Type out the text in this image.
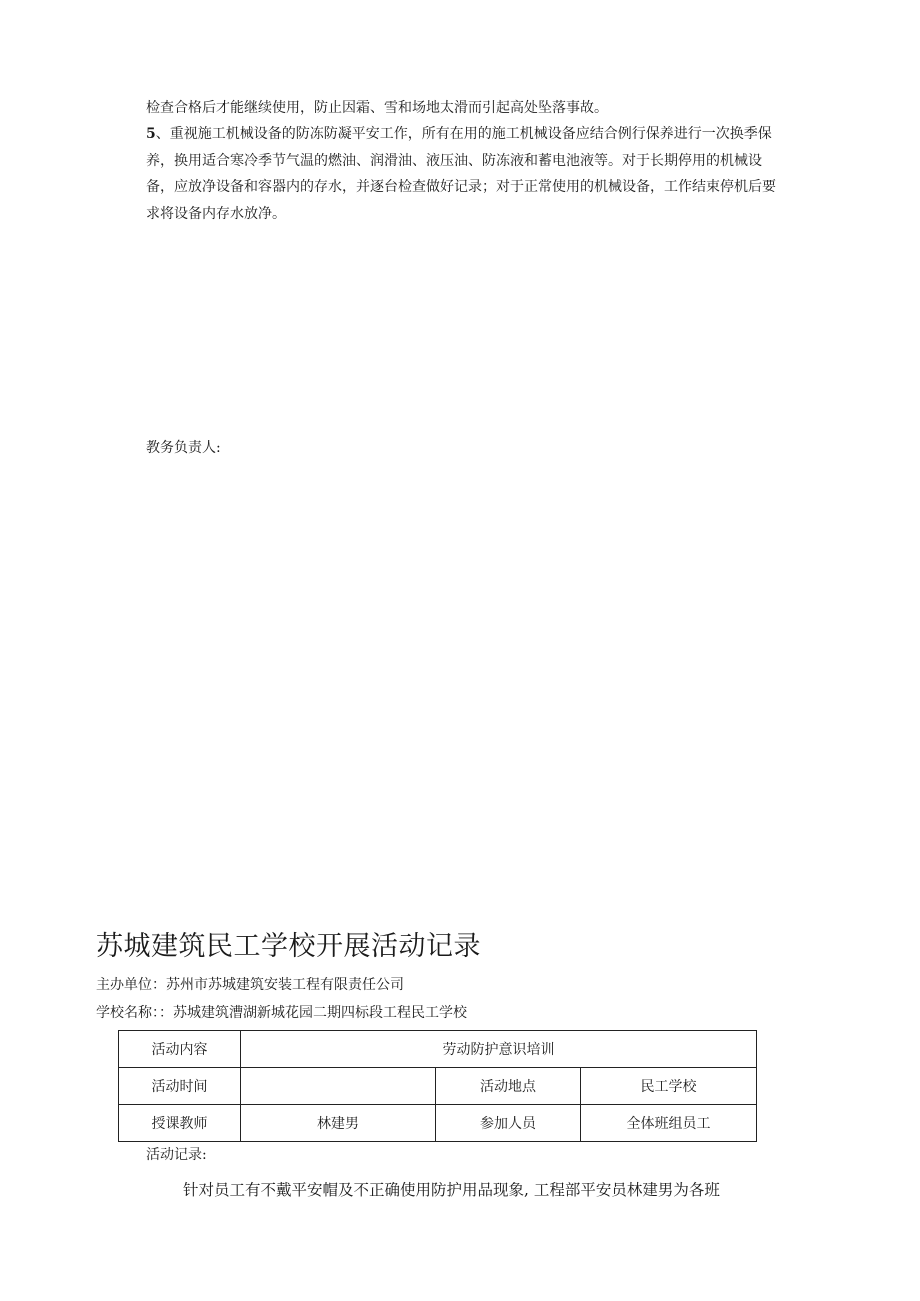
检查合格后才能继续使用，防止因霜、雪和场地太滑而引起高处坠落事故。

5、重视施工机械设备的防冻防凝平安工作，所有在用的施工机械设备应结合例行保养进行一次换季保养，换用适合寒冷季节气温的燃油、润滑油、液压油、防冻液和蓄电池液等。对于长期停用的机械设备，应放净设备和容器内的存水，并逐台检查做好记录；对于正常使用的机械设备，工作结束停机后要求将设备内存水放净。

教务负责人:
苏城建筑民工学校开展活动记录
主办单位：苏州市苏城建筑安装工程有限责任公司
学校名称：：苏城建筑漕湖新城花园二期四标段工程民工学校
活动内容	劳动防护意识培训		
活动时间		活动地点	民工学校
授课教师	林建男	参加人员	全体班组员工
活动记录:
针对员工有不戴平安帽及不正确使用防护用品现象, 工程部平安员林建男为各班
